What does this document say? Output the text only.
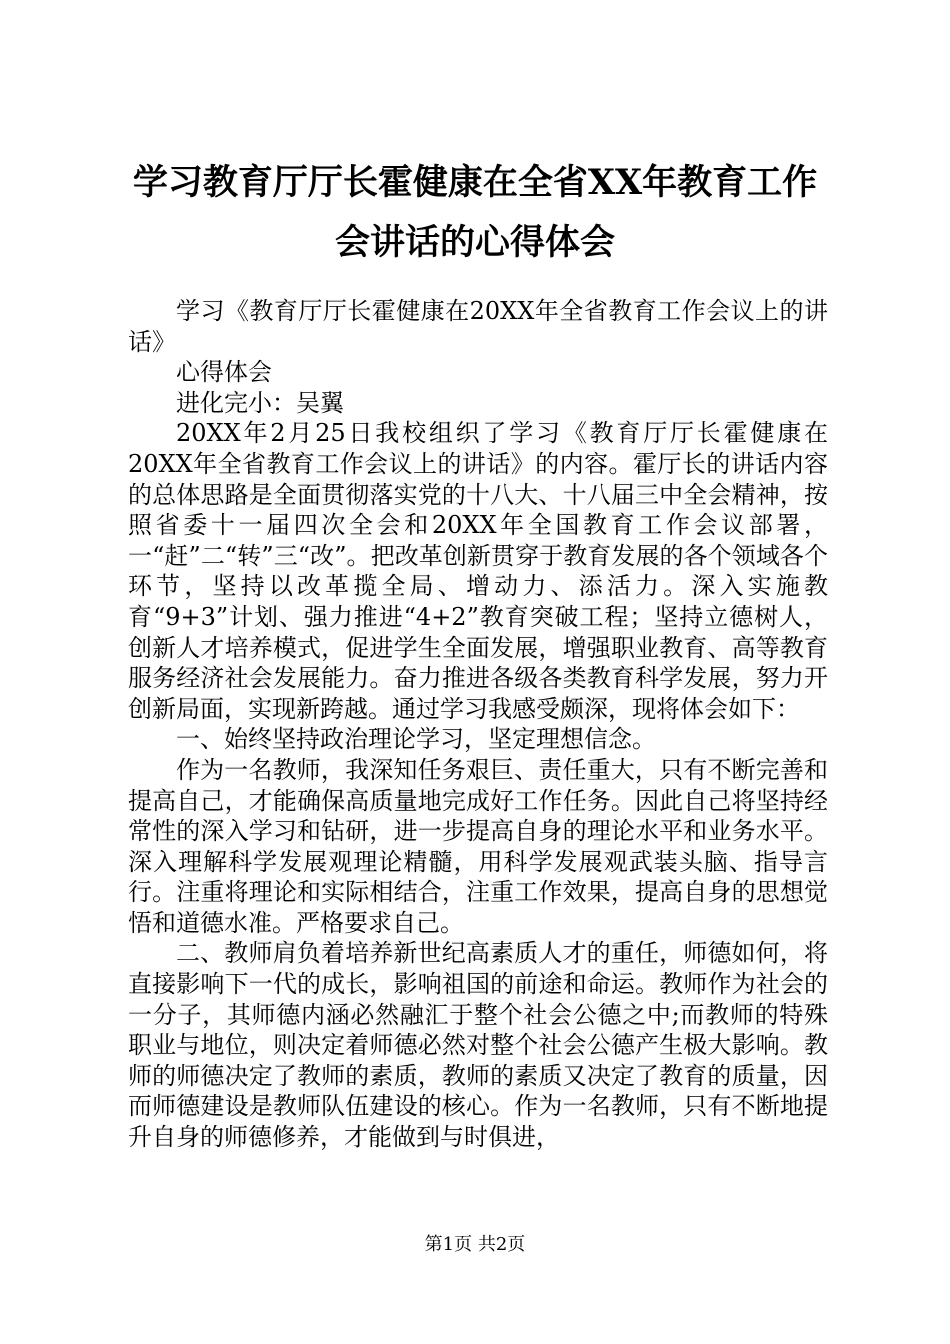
学习教育厅厅长霍健康在全省XX年教育工作
会讲话的心得体会

学习《教育厅厅长霍健康在20XX年全省教育工作会议上的讲话》

心得体会

进化完小：吴翼

20XX年2月25日我校组织了学习《教育厅厅长霍健康在20XX年全省教育工作会议上的讲话》的内容。霍厅长的讲话内容的总体思路是全面贯彻落实党的十八大、十八届三中全会精神，按照省委十一届四次全会和20XX年全国教育工作会议部署，一“赶”二“转”三“改”。把改革创新贯穿于教育发展的各个领域各个环节，坚持以改革揽全局、增动力、添活力。深入实施教育“9+3”计划、强力推进“4+2”教育突破工程；坚持立德树人，创新人才培养模式，促进学生全面发展，增强职业教育、高等教育服务经济社会发展能力。奋力推进各级各类教育科学发展，努力开创新局面，实现新跨越。通过学习我感受颇深，现将体会如下：

一、始终坚持政治理论学习，坚定理想信念。

作为一名教师，我深知任务艰巨、责任重大，只有不断完善和提高自己，才能确保高质量地完成好工作任务。因此自己将坚持经常性的深入学习和钻研，进一步提高自身的理论水平和业务水平。深入理解科学发展观理论精髓，用科学发展观武装头脑、指导言行。注重将理论和实际相结合，注重工作效果，提高自身的思想觉悟和道德水准。严格要求自己。

二、教师肩负着培养新世纪高素质人才的重任，师德如何，将直接影响下一代的成长，影响祖国的前途和命运。教师作为社会的一分子，其师德内涵必然融汇于整个社会公德之中;而教师的特殊职业与地位，则决定着师德必然对整个社会公德产生极大影响。教师的师德决定了教师的素质，教师的素质又决定了教育的质量，因而师德建设是教师队伍建设的核心。作为一名教师，只有不断地提升自身的师德修养，才能做到与时俱进，

第1页 共2页
